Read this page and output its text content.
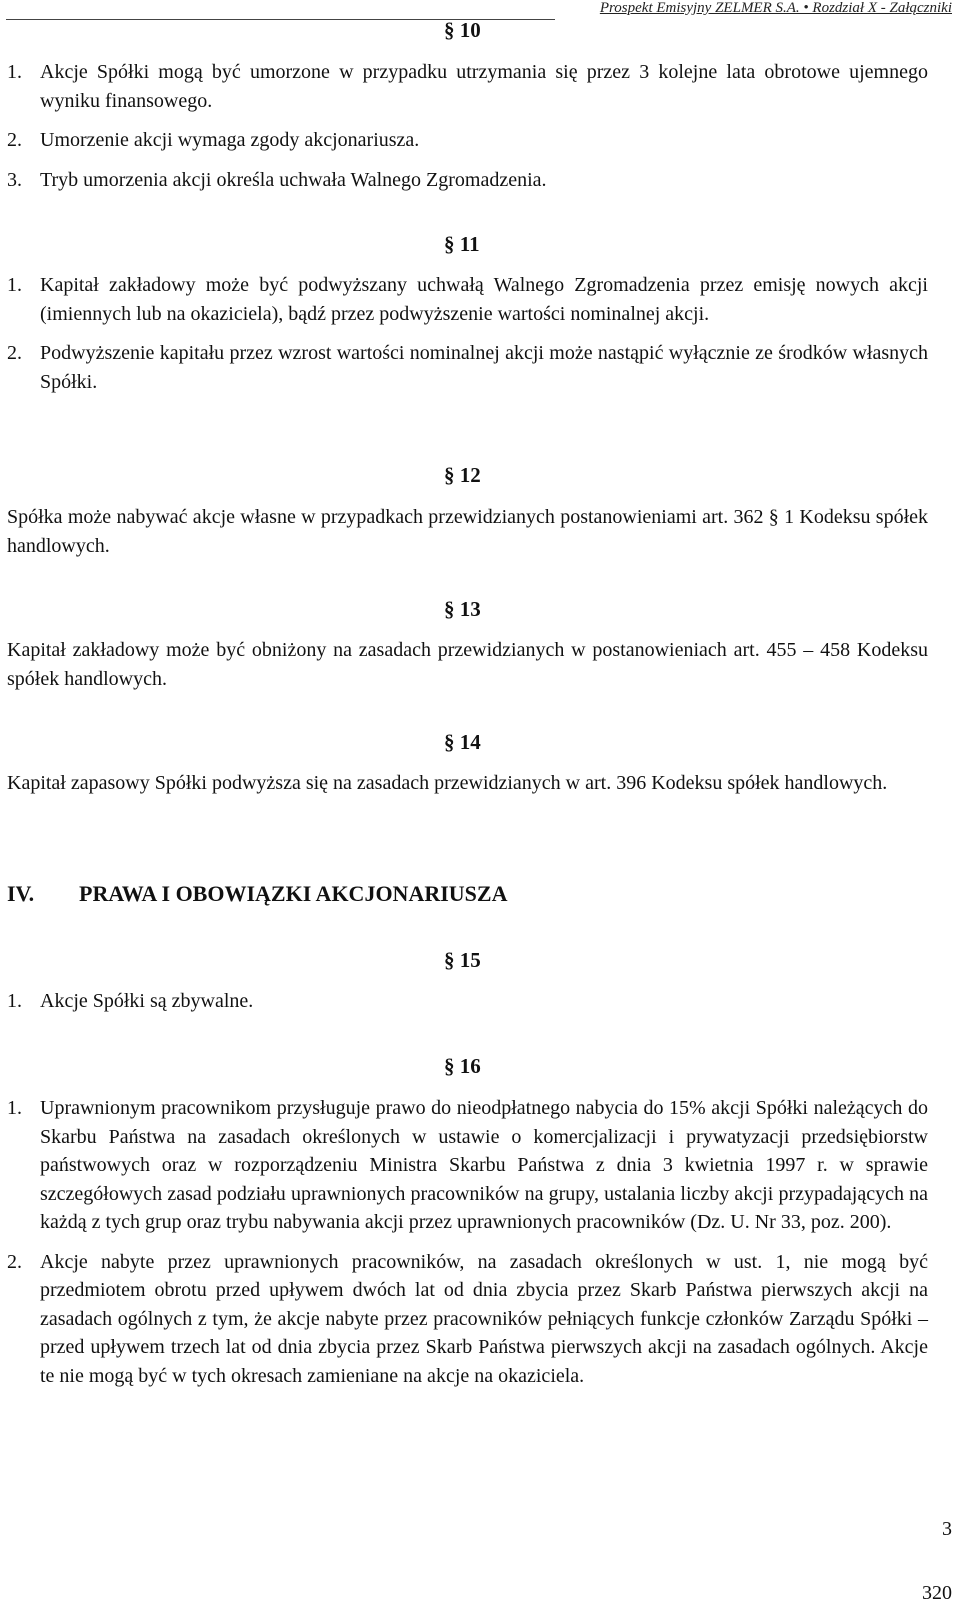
Prospekt Emisyjny ZELMER S.A. • Rozdział X - Załączniki
§ 10
1. Akcje Spółki mogą być umorzone w przypadku utrzymania się przez 3 kolejne lata obrotowe ujemnego wyniku finansowego.
2. Umorzenie akcji wymaga zgody akcjonariusza.
3. Tryb umorzenia akcji określa uchwała Walnego Zgromadzenia.
§ 11
1. Kapitał zakładowy może być podwyższany uchwałą Walnego Zgromadzenia przez emisję nowych akcji (imiennych lub na okaziciela), bądź przez podwyższenie wartości nominalnej akcji.
2. Podwyższenie kapitału przez wzrost wartości nominalnej akcji może nastąpić wyłącznie ze środków własnych Spółki.
§ 12
Spółka może nabywać akcje własne w przypadkach przewidzianych postanowieniami art. 362 § 1 Kodeksu spółek handlowych.
§ 13
Kapitał zakładowy może być obniżony na zasadach przewidzianych w postanowieniach art. 455 – 458 Kodeksu spółek handlowych.
§ 14
Kapitał zapasowy Spółki podwyższa się na zasadach przewidzianych w art. 396 Kodeksu spółek handlowych.
IV. PRAWA I OBOWIĄZKI AKCJONARIUSZA
§ 15
1. Akcje Spółki są zbywalne.
§ 16
1. Uprawnionym pracownikom przysługuje prawo do nieodpłatnego nabycia do 15% akcji Spółki należących do Skarbu Państwa na zasadach określonych w ustawie o komercjalizacji i prywatyzacji przedsiębiorstw państwowych oraz w rozporządzeniu Ministra Skarbu Państwa z dnia 3 kwietnia 1997 r. w sprawie szczegółowych zasad podziału uprawnionych pracowników na grupy, ustalania liczby akcji przypadających na każdą z tych grup oraz trybu nabywania akcji przez uprawnionych pracowników (Dz. U. Nr 33, poz. 200).
2. Akcje nabyte przez uprawnionych pracowników, na zasadach określonych w ust. 1, nie mogą być przedmiotem obrotu przed upływem dwóch lat od dnia zbycia przez Skarb Państwa pierwszych akcji na zasadach ogólnych z tym, że akcje nabyte przez pracowników pełniących funkcje członków Zarządu Spółki – przed upływem trzech lat od dnia zbycia przez Skarb Państwa pierwszych akcji na zasadach ogólnych. Akcje te nie mogą być w tych okresach zamieniane na akcje na okaziciela.
3
320
